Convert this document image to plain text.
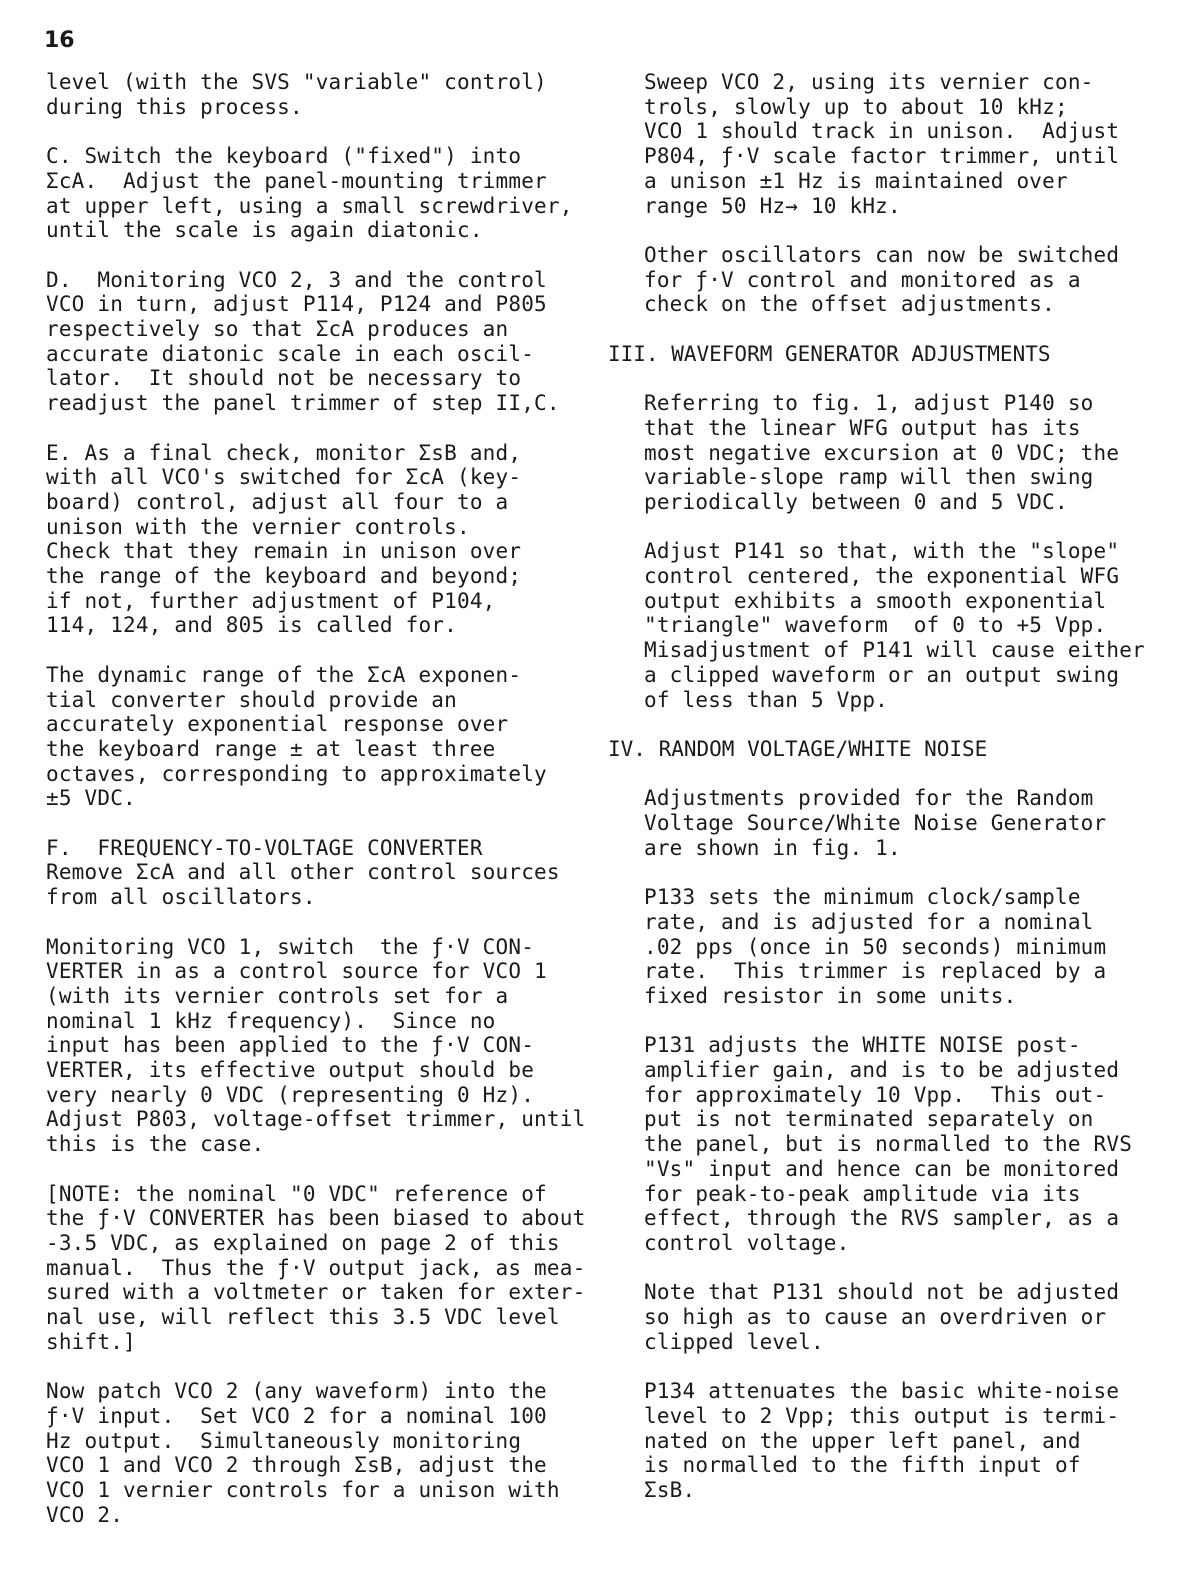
16
level (with the SVS "variable" control)
during this process.
C. Switch the keyboard ("fixed") into
ΣcA.  Adjust the panel-mounting trimmer
at upper left, using a small screwdriver,
until the scale is again diatonic.
D.  Monitoring VCO 2, 3 and the control
VCO in turn, adjust P114, P124 and P805
respectively so that ΣcA produces an
accurate diatonic scale in each oscil-
lator.  It should not be necessary to
readjust the panel trimmer of step II,C.
E. As a final check, monitor ΣsB and,
with all VCO's switched for ΣcA (key-
board) control, adjust all four to a
unison with the vernier controls.
Check that they remain in unison over
the range of the keyboard and beyond;
if not, further adjustment of P104,
114, 124, and 805 is called for.
The dynamic range of the ΣcA exponen-
tial converter should provide an
accurately exponential response over
the keyboard range ± at least three
octaves, corresponding to approximately
±5 VDC.
F.  FREQUENCY-TO-VOLTAGE CONVERTER
Remove ΣcA and all other control sources
from all oscillators.
Monitoring VCO 1, switch  the ƒ·V CON-
VERTER in as a control source for VCO 1
(with its vernier controls set for a
nominal 1 kHz frequency).  Since no
input has been applied to the ƒ·V CON-
VERTER, its effective output should be
very nearly 0 VDC (representing 0 Hz).
Adjust P803, voltage-offset trimmer, until
this is the case.
[NOTE: the nominal "0 VDC" reference of
the ƒ·V CONVERTER has been biased to about
-3.5 VDC, as explained on page 2 of this
manual.  Thus the ƒ·V output jack, as mea-
sured with a voltmeter or taken for exter-
nal use, will reflect this 3.5 VDC level
shift.]
Now patch VCO 2 (any waveform) into the
ƒ·V input.  Set VCO 2 for a nominal 100
Hz output.  Simultaneously monitoring
VCO 1 and VCO 2 through ΣsB, adjust the
VCO 1 vernier controls for a unison with
VCO 2.
Sweep VCO 2, using its vernier con-
trols, slowly up to about 10 kHz;
VCO 1 should track in unison.  Adjust
P804, ƒ·V scale factor trimmer, until
a unison ±1 Hz is maintained over
range 50 Hz→ 10 kHz.
Other oscillators can now be switched
for ƒ·V control and monitored as a
check on the offset adjustments.
III. WAVEFORM GENERATOR ADJUSTMENTS
Referring to fig. 1, adjust P140 so
that the linear WFG output has its
most negative excursion at 0 VDC; the
variable-slope ramp will then swing
periodically between 0 and 5 VDC.
Adjust P141 so that, with the "slope"
control centered, the exponential WFG
output exhibits a smooth exponential
"triangle" waveform  of 0 to +5 Vpp.
Misadjustment of P141 will cause either
a clipped waveform or an output swing
of less than 5 Vpp.
IV. RANDOM VOLTAGE/WHITE NOISE
Adjustments provided for the Random
Voltage Source/White Noise Generator
are shown in fig. 1.
P133 sets the minimum clock/sample
rate, and is adjusted for a nominal
.02 pps (once in 50 seconds) minimum
rate.  This trimmer is replaced by a
fixed resistor in some units.
P131 adjusts the WHITE NOISE post-
amplifier gain, and is to be adjusted
for approximately 10 Vpp.  This out-
put is not terminated separately on
the panel, but is normalled to the RVS
"Vs" input and hence can be monitored
for peak-to-peak amplitude via its
effect, through the RVS sampler, as a
control voltage.
Note that P131 should not be adjusted
so high as to cause an overdriven or
clipped level.
P134 attenuates the basic white-noise
level to 2 Vpp; this output is termi-
nated on the upper left panel, and
is normalled to the fifth input of
ΣsB.
